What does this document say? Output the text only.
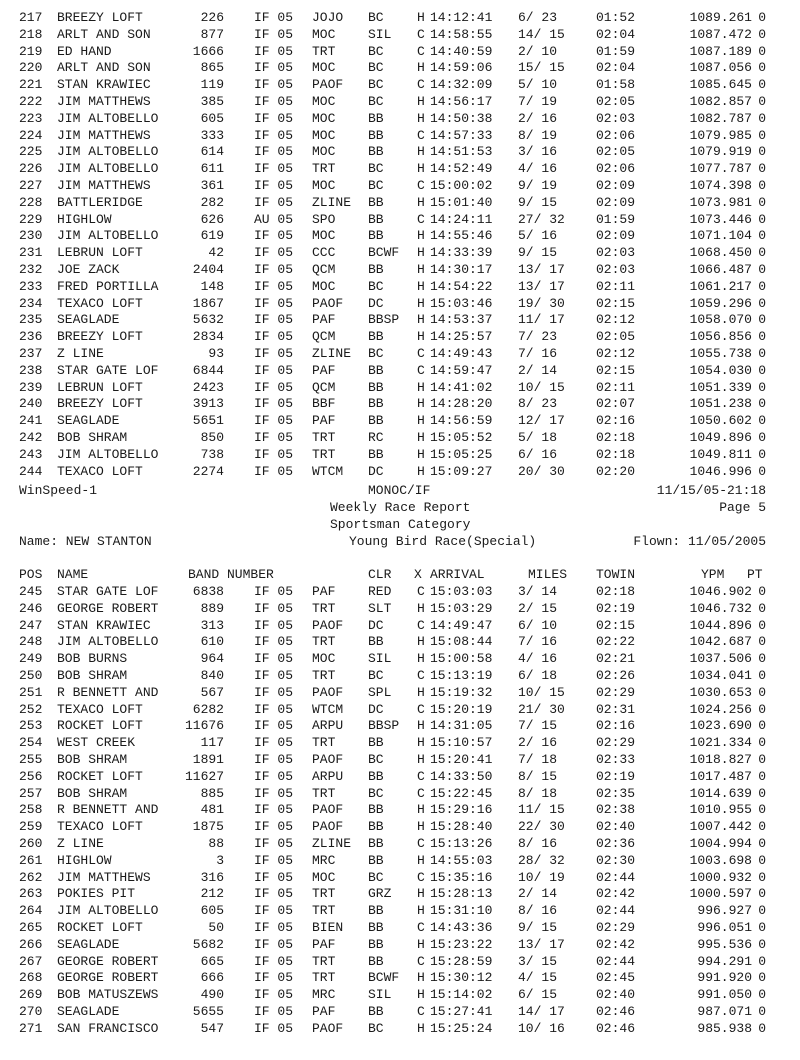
217 BREEZY LOFT	226 IF 05 JOJO BC	H 14:12:41 6/ 23	01:52	1089.261 0
218 ARLT AND SON	877 IF 05 MOC	SIL C 14:58:55 14/ 15 02:04	1087.472 0
219 ED HAND	1666 IF 05 TRT	BC	C 14:40:59 2/ 10	01:59	1087.189 0
220 ARLT AND SON	865 IF 05 MOC	BC	H 14:59:06 15/ 15 02:04	1087.056 0
221 STAN KRAWIEC	119 IF 05 PAOF BC	C 14:32:09 5/ 10	01:58	1085.645 0
222 JIM MATTHEWS	385 IF 05 MOC	BC	H 14:56:17 7/ 19	02:05	1082.857 0
223 JIM ALTOBELLO	605 IF 05 MOC	BB	H 14:50:38 2/ 16	02:03	1082.787 0
224 JIM MATTHEWS	333 IF 05 MOC	BB	C 14:57:33 8/ 19	02:06	1079.985 0
225 JIM ALTOBELLO	614 IF 05 MOC	BB	H 14:51:53 3/ 16	02:05	1079.919 0
226 JIM ALTOBELLO	611 IF 05 TRT	BC	H 14:52:49 4/ 16	02:06	1077.787 0
227 JIM MATTHEWS	361 IF 05 MOC	BC	C 15:00:02 9/ 19	02:09	1074.398 0
228 BATTLERIDGE	282 IF 05 ZLINE BB	H 15:01:40 9/ 15	02:09	1073.981 0
229 HIGHLOW	626 AU 05 SPO	BB	C 14:24:11 27/ 32 01:59	1073.446 0
230 JIM ALTOBELLO	619 IF 05 MOC	BB	H 14:55:46 5/ 16	02:09	1071.104 0
231 LEBRUN LOFT	42 IF 05 CCC	BCWF H 14:33:39 9/ 15	02:03	1068.450 0
232 JOE ZACK	2404 IF 05 QCM	BB	H 14:30:17 13/ 17 02:03	1066.487 0
233 FRED PORTILLA	148 IF 05 MOC	BC	H 14:54:22 13/ 17 02:11	1061.217 0
234 TEXACO LOFT	1867 IF 05 PAOF DC	H 15:03:46 19/ 30 02:15	1059.296 0
235 SEAGLADE	5632 IF 05 PAF	BBSP H 14:53:37 11/ 17 02:12	1058.070 0
236 BREEZY LOFT	2834 IF 05 QCM	BB	H 14:25:57 7/ 23	02:05	1056.856 0
237 Z LINE	93 IF 05 ZLINE BC	C 14:49:43 7/ 16	02:12	1055.738 0
238 STAR GATE LOF	6844 IF 05 PAF	BB	C 14:59:47 2/ 14	02:15	1054.030 0
239 LEBRUN LOFT	2423 IF 05 QCM	BB	H 14:41:02 10/ 15 02:11	1051.339 0
240 BREEZY LOFT	3913 IF 05 BBF	BB	H 14:28:20 8/ 23	02:07	1051.238 0
241 SEAGLADE	5651 IF 05 PAF	BB	H 14:56:59 12/ 17 02:16	1050.602 0
242 BOB SHRAM	850 IF 05 TRT	RC	H 15:05:52 5/ 18	02:18	1049.896 0
243 JIM ALTOBELLO	738 IF 05 TRT	BB	H 15:05:25 6/ 16	02:18	1049.811 0
244 TEXACO LOFT	2274 IF 05 WTCM DC	H 15:09:27 20/ 30 02:20	1046.996 0
WinSpeed-1	MONOC/IF	11/15/05-21:18
Weekly Race Report	Page 5
Sportsman Category
Name: NEW STANTON	Young Bird Race(Special)	Flown: 11/05/2005
POS NAME	BAND NUMBER	CLR X ARRIVAL	MILES TOWIN	YPM PT
245 STAR GATE LOF	6838 IF 05 PAF	RED C 15:03:03 3/ 14	02:18	1046.902 0
246 GEORGE ROBERT	889 IF 05 TRT	SLT H 15:03:29 2/ 15	02:19	1046.732 0
247 STAN KRAWIEC	313 IF 05 PAOF DC	C 14:49:47 6/ 10	02:15	1044.896 0
248 JIM ALTOBELLO	610 IF 05 TRT	BB	H 15:08:44 7/ 16	02:22	1042.687 0
249 BOB BURNS	964 IF 05 MOC	SIL H 15:00:58 4/ 16	02:21	1037.506 0
250 BOB SHRAM	840 IF 05 TRT	BC	C 15:13:19 6/ 18	02:26	1034.041 0
251 R BENNETT AND	567 IF 05 PAOF SPL H 15:19:32 10/ 15 02:29	1030.653 0
252 TEXACO LOFT	6282 IF 05 WTCM DC	C 15:20:19 21/ 30 02:31	1024.256 0
253 ROCKET LOFT	11676 IF 05 ARPU BBSP H 14:31:05 7/ 15	02:16	1023.690 0
254 WEST CREEK	117 IF 05 TRT	BB	H 15:10:57 2/ 16	02:29	1021.334 0
255 BOB SHRAM	1891 IF 05 PAOF BC	H 15:20:41 7/ 18	02:33	1018.827 0
256 ROCKET LOFT	11627 IF 05 ARPU BB	C 14:33:50 8/ 15	02:19	1017.487 0
257 BOB SHRAM	885 IF 05 TRT	BC	C 15:22:45 8/ 18	02:35	1014.639 0
258 R BENNETT AND	481 IF 05 PAOF BB	H 15:29:16 11/ 15 02:38	1010.955 0
259 TEXACO LOFT	1875 IF 05 PAOF BB	H 15:28:40 22/ 30 02:40	1007.442 0
260 Z LINE	88 IF 05 ZLINE BB	C 15:13:26 8/ 16	02:36	1004.994 0
261 HIGHLOW	3 IF 05 MRC	BB	H 14:55:03 28/ 32 02:30	1003.698 0
262 JIM MATTHEWS	316 IF 05 MOC	BC	C 15:35:16 10/ 19 02:44	1000.932 0
263 POKIES PIT	212 IF 05 TRT	GRZ H 15:28:13 2/ 14	02:42	1000.597 0
264 JIM ALTOBELLO	605 IF 05 TRT	BB	H 15:31:10 8/ 16	02:44	996.927 0
265 ROCKET LOFT	50 IF 05 BIEN BB	C 14:43:36 9/ 15	02:29	996.051 0
266 SEAGLADE	5682 IF 05 PAF	BB	H 15:23:22 13/ 17 02:42	995.536 0
267 GEORGE ROBERT	665 IF 05 TRT	BB	C 15:28:59 3/ 15	02:44	994.291 0
268 GEORGE ROBERT	666 IF 05 TRT	BCWF H 15:30:12 4/ 15	02:45	991.920 0
269 BOB MATUSZEWS	490 IF 05 MRC	SIL H 15:14:02 6/ 15	02:40	991.050 0
270 SEAGLADE	5655 IF 05 PAF	BB	C 15:27:41 14/ 17 02:46	987.071 0
271 SAN FRANCISCO	547 IF 05 PAOF BC	H 15:25:24 10/ 16 02:46	985.938 0
